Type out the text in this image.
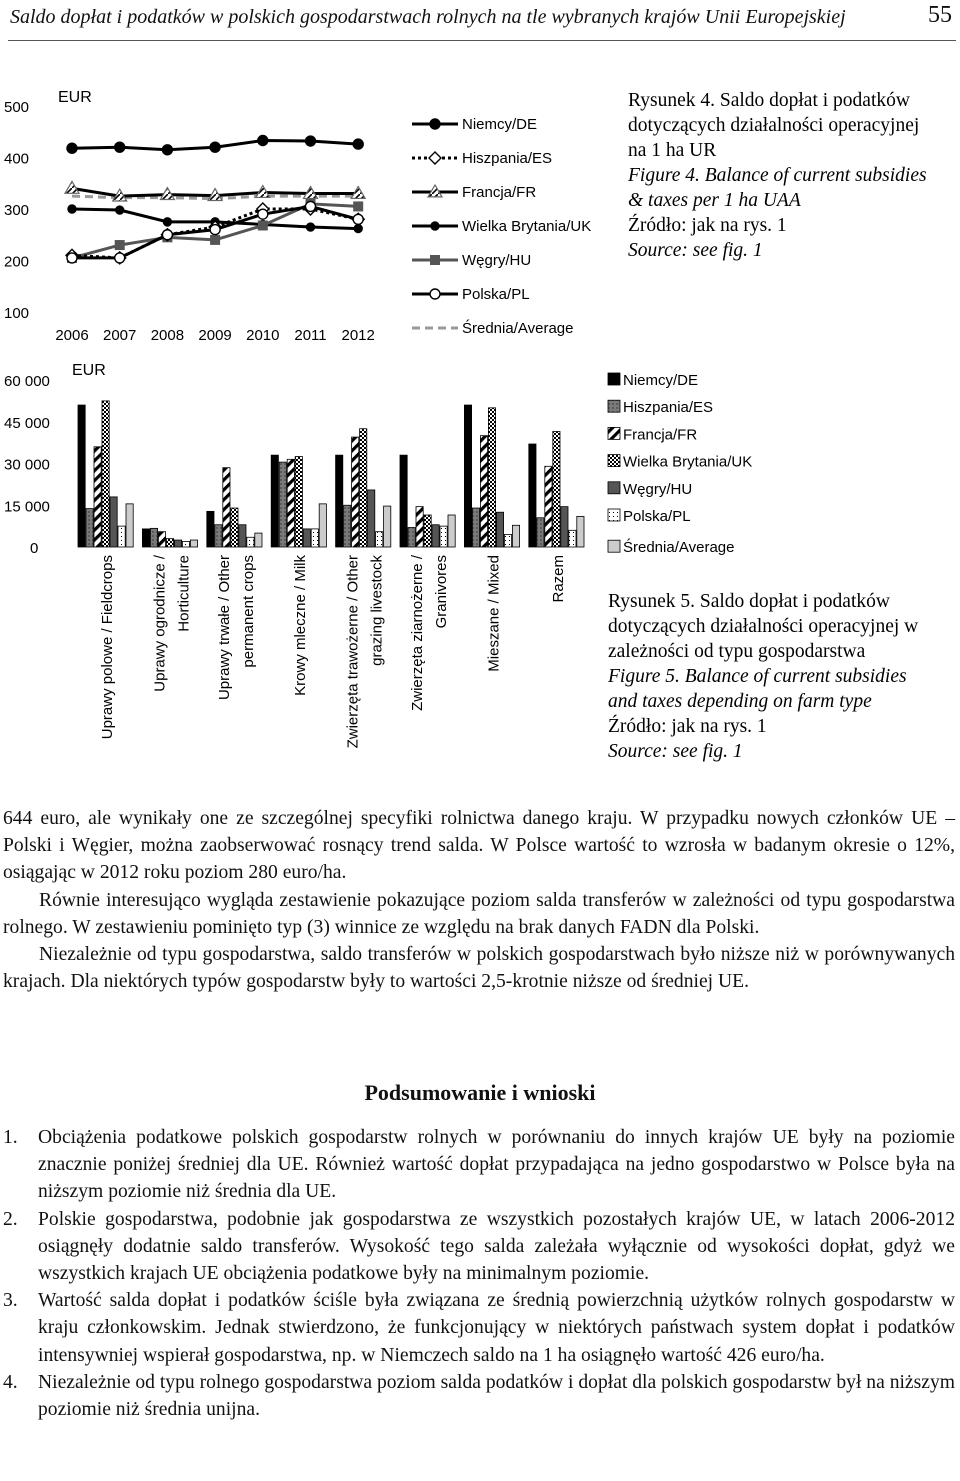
Saldo dopłat i podatków w polskich gospodarstwach rolnych na tle wybranych krajów Unii Europejskiej	55
EUR
500
400
300
200
100
2006 2007 2008 2009 2010 2011 2012
Niemcy/DE
Hiszpania/ES
Francja/FR
Wielka Brytania/UK
Węgry/HU
Polska/PL
Średnia/Average
Rysunek 4. Saldo dopłat i podatków
dotyczących działalności operacyjnej
na 1 ha UR
Figure 4. Balance of current subsidies
& taxes per 1 ha UAA
Źródło: jak na rys. 1
Source: see fig. 1
EUR
60 000
45 000
30 000
15 000
0
Uprawy polowe / Fieldcrops Uprawy ogrodnicze / Horticulture Uprawy trwałe / Other permanent crops Krowy mleczne / Milk Zwierzęta trawożerne / Other grazing livestock Zwierzęta ziarnożerne / Granivores Mieszane / Mixed	Razem
Niemcy/DE
Hiszpania/ES
Francja/FR
Wielka Brytania/UK
Węgry/HU
Polska/PL
Średnia/Average
Rysunek 5. Saldo dopłat i podatków
dotyczących działalności operacyjnej w
zależności od typu gospodarstwa
Figure 5. Balance of current subsidies
and taxes depending on farm type
Źródło: jak na rys. 1
Source: see fig. 1

644 euro, ale wynikały one ze szczególnej specyfiki rolnictwa danego kraju. W przypadku nowych członków UE – Polski i Węgier, można zaobserwować rosnący trend salda. W Polsce wartość to wzrosła w badanym okresie o 12%, osiągając w 2012 roku poziom 280 euro/ha.

Równie interesująco wygląda zestawienie pokazujące poziom salda transferów w zależności od typu gospodarstwa rolnego. W zestawieniu pominięto typ (3) winnice ze względu na brak danych FADN dla Polski.

Niezależnie od typu gospodarstwa, saldo transferów w polskich gospodarstwach było niższe niż w porównywanych krajach. Dla niektórych typów gospodarstw były to wartości 2,5-krotnie niższe od średniej UE.

Podsumowanie i wnioski
1. Obciążenia podatkowe polskich gospodarstw rolnych w porównaniu do innych krajów UE były na poziomie znacznie poniżej średniej dla UE. Również wartość dopłat przypadająca na jedno gospodarstwo w Polsce była na niższym poziomie niż średnia dla UE.
2. Polskie gospodarstwa, podobnie jak gospodarstwa ze wszystkich pozostałych krajów UE, w latach 2006-2012 osiągnęły dodatnie saldo transferów. Wysokość tego salda zależała wyłącznie od wysokości dopłat, gdyż we wszystkich krajach UE obciążenia podatkowe były na minimalnym poziomie.
3. Wartość salda dopłat i podatków ściśle była związana ze średnią powierzchnią użytków rolnych gospodarstw w kraju członkowskim. Jednak stwierdzono, że funkcjonujący w niektórych państwach system dopłat i podatków intensywniej wspierał gospodarstwa, np. w Niemczech saldo na 1 ha osiągnęło wartość 426 euro/ha.
4. Niezależnie od typu rolnego gospodarstwa poziom salda podatków i dopłat dla polskich gospodarstw był na niższym poziomie niż średnia unijna.
